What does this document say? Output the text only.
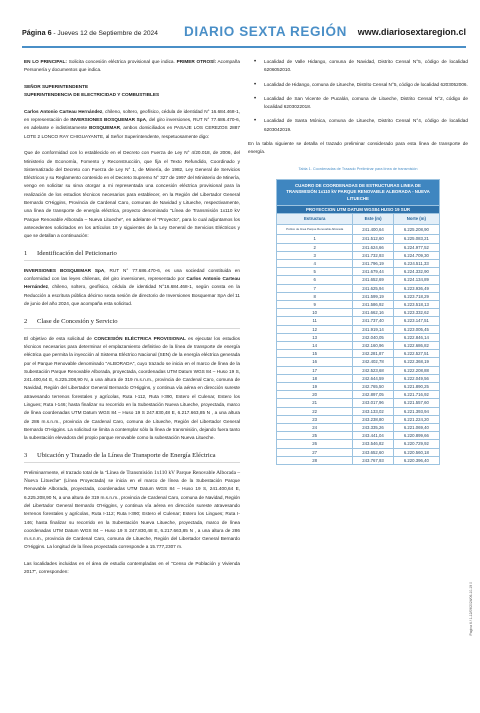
Página 6 - Jueves 12 de Septiembre de 2024 DIARIO SEXTA REGIÓN www.diariosextaregion.cl

EN LO PRINCIPAL: Solicita concesión eléctrica provisional que indica. PRIMER OTROSÍ: Acompaña Personería y documentos que indica.

SEÑOR SUPERINTENDENTE
SUPERINTENDENCIA DE ELECTRICIDAD Y COMBUSTIBLES

Carlos Antonio Carteau Hernández, chileno, soltero, geofísico, cédula de identidad N° 16.684.468-1, en representación de INVERSIONES BOSQUEMAR SpA, del giro inversiones, RUT N° 77.686.470-6, en adelante e indistintamente BOSQUEMAR, ambos domiciliados en PASAJE LOS CEREZOS 2887 LOTE 2 LONCO RAY CHIGUAYANTE, al Señor Superintendente, respetuosamente digo:

Que de conformidad con lo establecido en el Decreto con Fuerza de Ley N° 4/20.018, de 2006, del Ministerio de Economía, Fomento y Reconstrucción, que fija el Texto Refundido, Coordinado y Sistematizado del Decreto con Fuerza de Ley N° 1, de Minería, de 1982, Ley General de Servicios Eléctricos y su Reglamento contenido en el Decreto Supremo N° 327 de 1997 del Ministerio de Minería, vengo en solicitar su sirva otorgar a mi representada una concesión eléctrica provisional para la realización de los estudios técnicos necesarios para establecer, en la Región del Libertador General Bernardo O'Higgins, Provincia de Cardenal Caro, comunas de Navidad y Litueche, respectivamente, una línea de transporte de energía eléctrica, proyecto denominado "Línea de Transmisión 1x110 kV Parque Renovable Alborada – Nueva Litueche", en adelante el "Proyecto", para lo cual adjuntamos los antecedentes solicitados en los artículos 19 y siguientes de la Ley General de Servicios Eléctricos y que se detallan a continuación:

1	Identificación del Peticionario

INVERSIONES BOSQUEMAR SpA, RUT N° 77.686.470-6, es una sociedad constituida en conformidad con las leyes chilenas, del giro inversiones, representado por Carlos Antonio Carteau Hernández, chileno, soltero, geofísico, cédula de identidad N°16.684.468-1, según consta en la Reducción a escritura pública décimo sexta sesión de directorio de Inversiones Bosquemar SpA del 11 de junio del año 2024, que acompaña esta solicitud.

2	Clase de Concesión y Servicio

El objetivo de esta solicitud de CONCESIÓN ELÉCTRICA PROVISIONAL es ejecutar los estudios técnicos necesarios para determinar el emplazamiento definitivo de la línea de transporte de energía eléctrica que permita la inyección al Sistema Eléctrico Nacional (SEN) de la energía eléctrica generada por el Parque Renovable denominado "ALBORADA", cuyo trazado se inicia en el marco de línea de la Subestación Parque Renovable Alborada, proyectada, coordenadas UTM Datum WGS 84 – Huso 19 S, 241.400,64 E, 6.225.208,90 N, a una altura de 319 m.s.n.m., provincia de Cardenal Caro, comuna de Navidad, Región del Libertador General Bernardo O'Higgins, y continua vía aérea en dirección sureste atravesando terrenos forestales y agrícolas, Ruta I-112, Ruta I-390, Estero el Culenar, Estero los Lingues; Ruta I-146; hasta finalizar su recorrido en la Subestación Nueva Litueche, proyectada, marco de línea coordenadas UTM Datum WGS 84 – Huso 19 S 247.830,48 E, 6.217.663,85 N , a una altura de 286 m.s.n.m., provincia de Cardenal Caro, comuna de Litueche, Región del Libertador General Bernardo O'Higgins. La solicitud se limita a contemplar sólo la línea de transmisión, dejando fuera tanto la subestación elevadora del propio parque renovable como la subestación Nueva Litueche.

3	Ubicación y Trazado de la Línea de Transporte de Energía Eléctrica

Preliminarmente, el trazado total de la "Línea de Transmisión 1x110 kV Parque Renovable Alborada – Nueva Litueche" (Línea Proyectada) se inicia en el marco de línea de la Subestación Parque Renovable Alborada, proyectada, coordenadas UTM Datum WGS 84 – Huso 19 S, 241.400,64 E, 6.225.208,90 N, a una altura de 319 m.s.n.m., provincia de Cardenal Caro, comuna de Navidad, Región del Libertador General Bernardo O'Higgins, y continua vía aérea en dirección sureste atravesando terrenos forestales y agrícolas, Ruta I-112; Ruta I-390; Estero el Culenar; Estero los Lingues; Ruta I-146; hasta finalizar su recorrido en la Subestación Nueva Litueche, proyectada, marco de línea coordenadas UTM Datum WGS 84 – Huso 19 S 247.830,48 E, 6.217.663,85 N , a una altura de 286 m.s.n.m., provincia de Cardenal Caro, comuna de Litueche, Región del Libertador General Bernardo O'Higgins. La longitud de la línea proyectada corresponde a 15.777,2307 m.

Las localidades incluidas en el área de estudio contempladas en el "Censo de Población y Vivienda 2017", corresponden:

• Localidad de Valle Hidango, comuna de Navidad, Distrito Censal N°5, código de localidad 6206052010.
• Localidad de Hidango, comuna de Litueche, Distrito Censal N°5, código de localidad 6203052006.
• Localidad de San Vicente de Pucalán, comuna de Litueche, Distrito Censal N°2, código de localidad 6203022018.
• Localidad de Santa Mónica, comuna de Litueche, Distrito Censal N°4, código de localidad 6203042019.

En la tabla siguiente se detalla el trazado preliminar considerado para esta línea de transporte de energía.

Tabla 1. Coordenadas de Trazado Preliminar para línea de transmisión
CUADRO DE COORDENADAS DE ESTRUCTURAS LINEA DE TRANSMISIÓN 1x110 kV PARQUE RENOVABLE ALBORADA - NUEVA LITUECHE		
PROYECCION UTM DATUM WGS84 HUSO 19 SUR		
Estructura	Este (m)	Norte (m)
Pórtico de línea Parque Renovable Alborada	241.400,64	6.225.208,90
1	241.512,60	6.225.083,21
2	241.624,66	6.224.977,52
3	241.732,93	6.224.709,30
4	241.796,19	6.224.511,33
5	241.679,44	6.224.332,90
6	241.652,69	6.224.134,89
7	241.625,94	6.223.936,49
8	241.599,19	6.223.718,29
9	241.586,92	6.223.518,13
10	241.662,16	6.223.332,62
11	241.737,40	6.223.147,51
12	241.919,14	6.223.005,45
13	242.040,05	6.222.846,14
14	242.160,96	6.222.686,82
15	242.281,87	6.222.527,51
16	242.402,78	6.222.368,19
17	242.523,68	6.222.208,88
18	242.644,59	6.222.049,56
19	242.765,50	6.221.890,25
20	242.897,05	6.221.716,92
21	243.017,96	6.221.557,60
22	243.133,02	6.221.393,94
23	243.238,80	6.221.224,20
24	243.335,26	6.221.069,40
25	243.441,04	6.220.899,66
26	243.546,82	6.220.729,92
27	243.652,60	6.220.560,18
28	243.767,93	6.220.396,40
Pagina 6 / 1-12/09/2024/06-10-19 0
